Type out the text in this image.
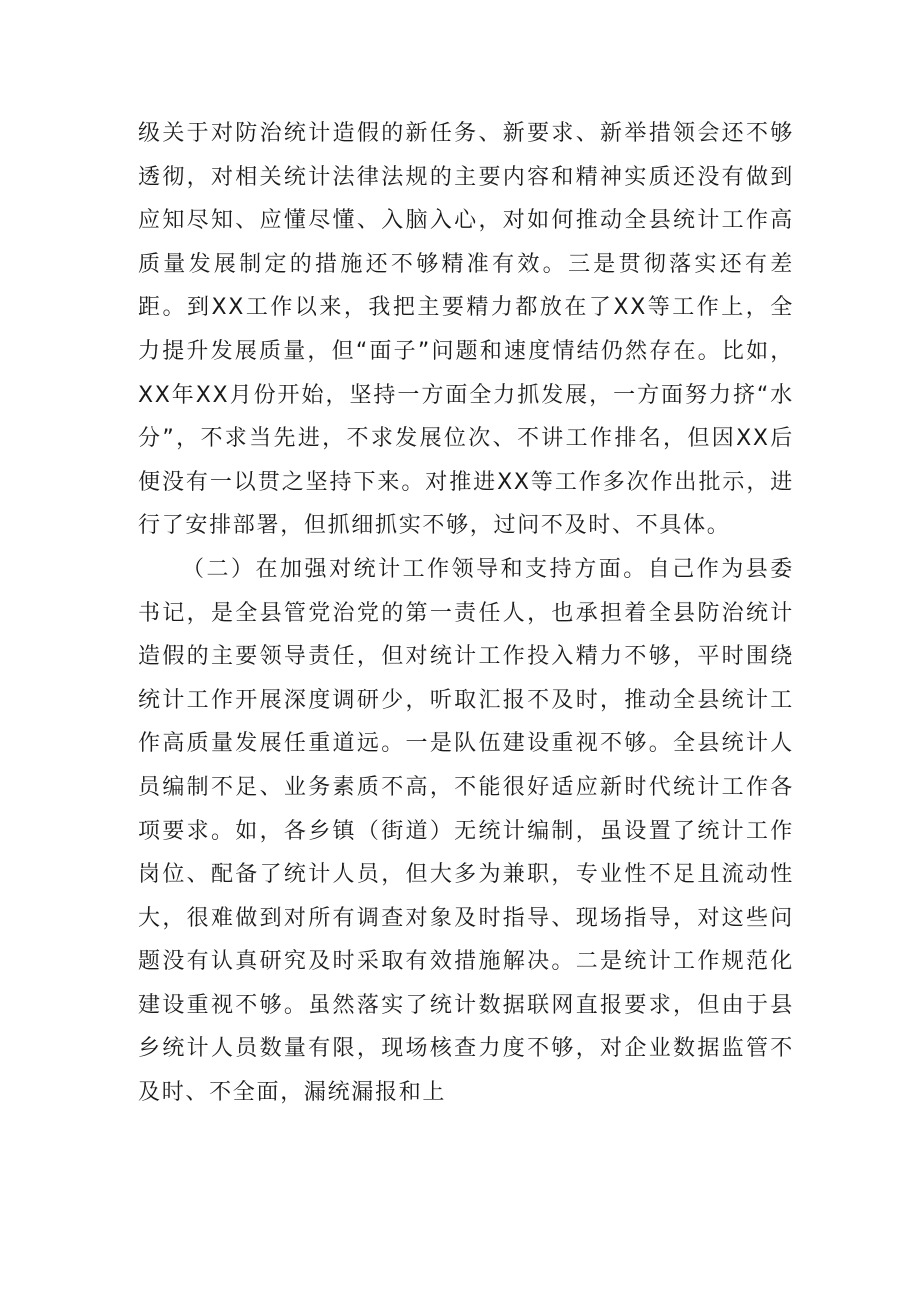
级关于对防治统计造假的新任务、新要求、新举措领会还不够透彻，对相关统计法律法规的主要内容和精神实质还没有做到应知尽知、应懂尽懂、入脑入心，对如何推动全县统计工作高质量发展制定的措施还不够精准有效。三是贯彻落实还有差距。到XX工作以来，我把主要精力都放在了XX等工作上，全力提升发展质量，但“面子”问题和速度情结仍然存在。比如，XX年XX月份开始，坚持一方面全力抓发展，一方面努力挤“水分”，不求当先进，不求发展位次、不讲工作排名，但因XX后便没有一以贯之坚持下来。对推进XX等工作多次作出批示，进行了安排部署，但抓细抓实不够，过问不及时、不具体。

（二）在加强对统计工作领导和支持方面。自己作为县委书记，是全县管党治党的第一责任人，也承担着全县防治统计造假的主要领导责任，但对统计工作投入精力不够，平时围绕统计工作开展深度调研少，听取汇报不及时，推动全县统计工作高质量发展任重道远。一是队伍建设重视不够。全县统计人员编制不足、业务素质不高，不能很好适应新时代统计工作各项要求。如，各乡镇（街道）无统计编制，虽设置了统计工作岗位、配备了统计人员，但大多为兼职，专业性不足且流动性大，很难做到对所有调查对象及时指导、现场指导，对这些问题没有认真研究及时采取有效措施解决。二是统计工作规范化建设重视不够。虽然落实了统计数据联网直报要求，但由于县乡统计人员数量有限，现场核查力度不够，对企业数据监管不及时、不全面，漏统漏报和上
